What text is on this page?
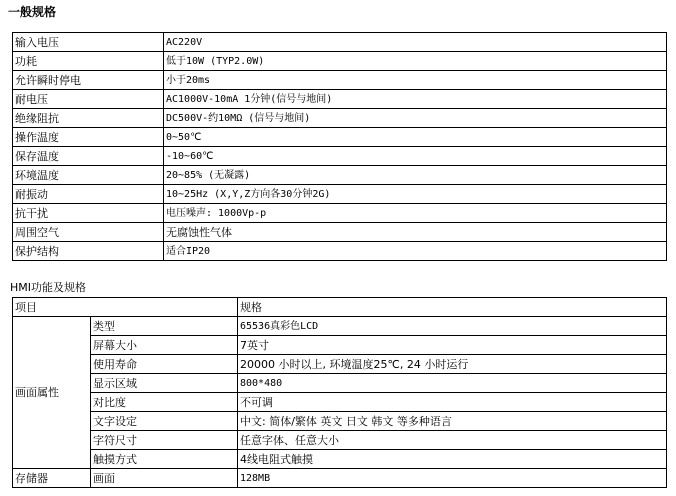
一般规格
输入电压	AC220V
功耗	低于10W (TYP2.0W)
允许瞬时停电	小于20ms
耐电压	AC1000V-10mA 1分钟(信号与地间)
绝缘阻抗	DC500V-约10MΩ (信号与地间)
操作温度	0~50℃
保存温度	-10~60℃
环境温度	20~85% (无凝露)
耐振动	10~25Hz (X,Y,Z方向各30分钟2G)
抗干扰	电压噪声: 1000Vp-p
周围空气	无腐蚀性气体
保护结构	适合IP20
HMI功能及规格
项目		规格
画面属性	类型	65536真彩色LCD
	屏幕大小	7英寸
	使用寿命	20000 小时以上, 环境温度25℃, 24 小时运行
	显示区域	800*480
	对比度	不可调
	文字设定	中文: 简体/繁体 英文 日文 韩文 等多种语言
	字符尺寸	任意字体、任意大小
	触摸方式	4线电阻式触摸
存储器	画面	128MB
